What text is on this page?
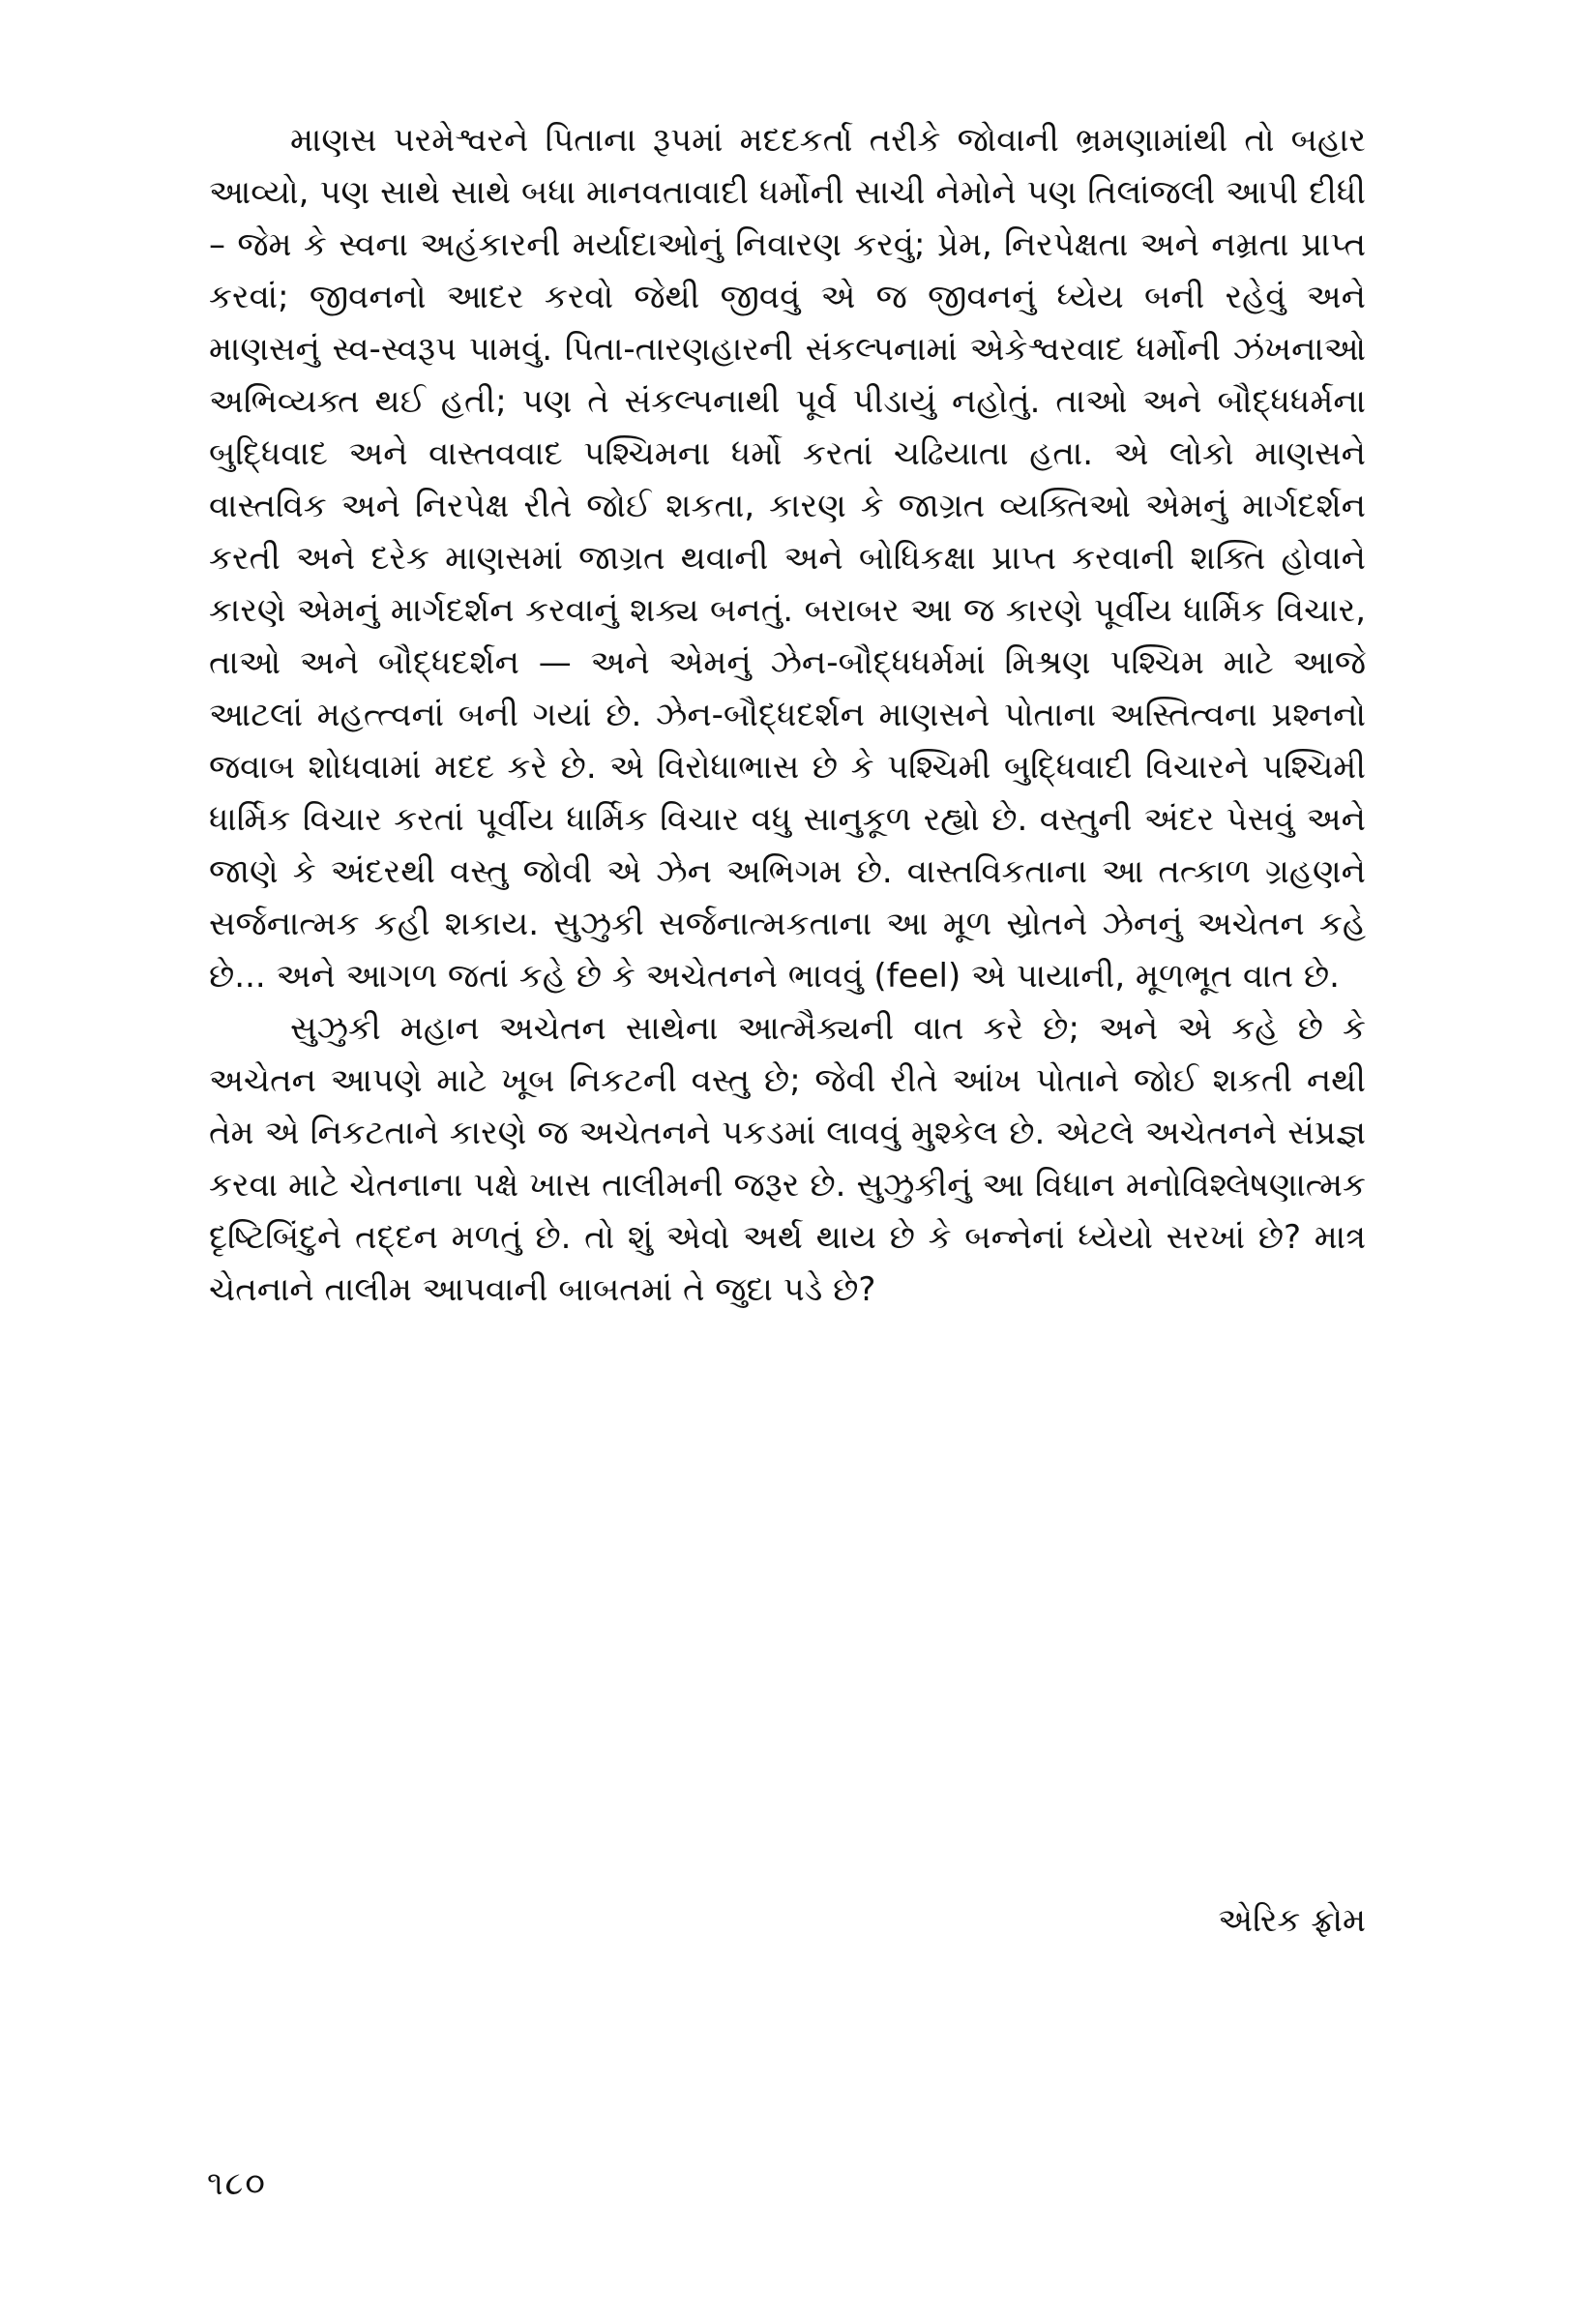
માણસ પરમેશ્વરને પિતાના રૂપમાં મદદકર્તા તરીકે જોવાની ભ્રમણામાંથી તો બહાર આવ્યો, પણ સાથે સાથે બધા માનવતાવાદી ધર્મોની સાચી નેમોને પણ તિલાંજલી આપી દીધી – જેમ કે સ્વના અહંકારની મર્યાદાઓનું નિવારણ કરવું; પ્રેમ, નિરપેક્ષતા અને નમ્રતા પ્રાપ્ત કરવાં; જીવનનો આદર કરવો જેથી જીવવું એ જ જીવનનું ધ્યેય બની રહેવું અને માણસનું સ્વ-સ્વરૂપ પામવું. પિતા-તારણહારની સંકલ્પનામાં એકેશ્વરવાદ ધર્મોની ઝંખનાઓ અભિવ્યક્ત થઈ હતી; પણ તે સંકલ્પનાથી પૂર્વ પીડાયું નહોતું. તાઓ અને બૌદ્ધધર્મના બુદ્ધિવાદ અને વાસ્તવવાદ પશ્ચિમના ધર્મો કરતાં ચઢિયાતા હતા. એ લોકો માણસને વાસ્તવિક અને નિરપેક્ષ રીતે જોઈ શકતા, કારણ કે જાગ્રત વ્યક્તિઓ એમનું માર્ગદર્શન કરતી અને દરેક માણસમાં જાગ્રત થવાની અને બોધિકક્ષા પ્રાપ્ત કરવાની શક્તિ હોવાને કારણે એમનું માર્ગદર્શન કરવાનું શક્ય બનતું. બરાબર આ જ કારણે પૂર્વીય ધાર્મિક વિચાર, તાઓ અને બૌદ્ધદર્શન — અને એમનું ઝેન-બૌદ્ધધર્મમાં મિશ્રણ પશ્ચિમ માટે આજે આટલાં મહત્ત્વનાં બની ગયાં છે. ઝેન-બૌદ્ધદર્શન માણસને પોતાના અસ્તિત્વના પ્રશ્નનો જવાબ શોધવામાં મદદ કરે છે. એ વિરોધાભાસ છે કે પશ્ચિમી બુદ્ધિવાદી વિચારને પશ્ચિમી ધાર્મિક વિચાર કરતાં પૂર્વીય ધાર્મિક વિચાર વધુ સાનુકૂળ રહ્યો છે. વસ્તુની અંદર પેસવું અને જાણે કે અંદરથી વસ્તુ જોવી એ ઝેન અભિગમ છે. વાસ્તવિકતાના આ તત્કાળ ગ્રહણને સર્જનાત્મક કહી શકાય. સુઝુકી સર્જનાત્મકતાના આ મૂળ સ્રોતને ઝેનનું અચેતન કહે છે... અને આગળ જતાં કહે છે કે અચેતનને ભાવવું (feel) એ પાયાની, મૂળભૂત વાત છે.

સુઝુકી મહાન અચેતન સાથેના આત્મૈક્યની વાત કરે છે; અને એ કહે છે કે અચેતન આપણે માટે ખૂબ નિકટની વસ્તુ છે; જેવી રીતે આંખ પોતાને જોઈ શકતી નથી તેમ એ નિકટતાને કારણે જ અચેતનને પકડમાં લાવવું મુશ્કેલ છે. એટલે અચેતનને સંપ્રજ્ઞ કરવા માટે ચેતનાના પક્ષે ખાસ તાલીમની જરૂર છે. સુઝુકીનું આ વિધાન મનોવિશ્લેષણાત્મક દૃષ્ટિબિંદુને તદ્દન મળતું છે. તો શું એવો અર્થ થાય છે કે બન્નેનાં ધ્યેયો સરખાં છે? માત્ર ચેતનાને તાલીમ આપવાની બાબતમાં તે જુદા પડે છે?

એરિક ફ્રોમ
૧૮૦
